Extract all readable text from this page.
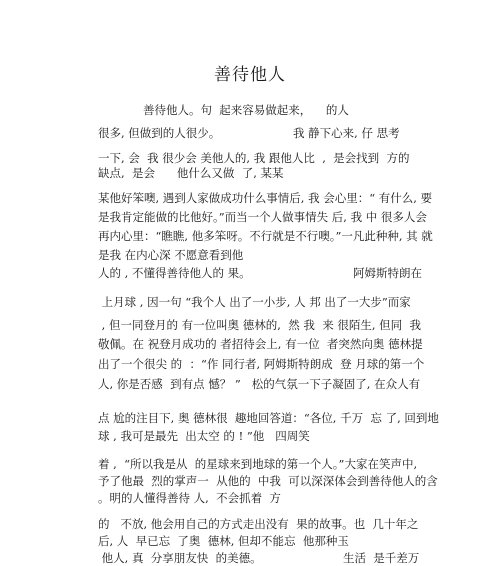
善待他人
善待他人。句  起来容易做起来，    的人
很多, 但做到的人很少。	我 静下心来, 仔 思考
一下, 会  我 很少会 美他人的, 我 跟他人比  ,  是会找到  方的
缺点,  是会      他什么又做  了, 某某
某他好笨噢, 遇到人家做成功什么事情后, 我 会心里：“ 有什么, 要
是我肯定能做的比他好。”而当一个人做事情失 后, 我 中 很多人会
再内心里：“瞧瞧, 他多笨呀。不行就是不行噢。”一凡此种种, 其 就
是我 在内心深 不愿意看到他
人的 , 不懂得善待他人的 果。	阿姆斯特朗在
上月球 , 因一句 “我个人 出了一小步, 人 邦 出了一大步”而家
, 但一同登月的 有一位叫奥 德林的,  然 我  来 很陌生, 但同  我
敬佩。在 祝登月成功的 者招待会上, 有一位  者突然向奥 德林提
出了一个很尖 的  ：“作 同行者, 阿姆斯特朗成  登 月球的第一个
人, 你是否感  到有点 憾？ ”   松的气氛一下子凝固了, 在众人有
点 尬的注目下, 奥 德林很  趣地回答道：“各位, 千万  忘 了, 回到地
球 , 我可是最先  出太空 的 ! ”他   四周笑
着 ,  “所以我是从  的星球来到地球的第一个人。”大家在笑声中,
予了他最  烈的掌声一  从他的  中我  可以深深体会到善待他人的含
。明的人懂得善待 人,  不会抓着  方
的   不放, 他会用自己的方式走出没有  果的故事。也  几十年之
后, 人  早已忘  了奥  德林, 但却不能忘  他那种玉
他人, 真  分享朋友快  的美德。	生活  是千差万
